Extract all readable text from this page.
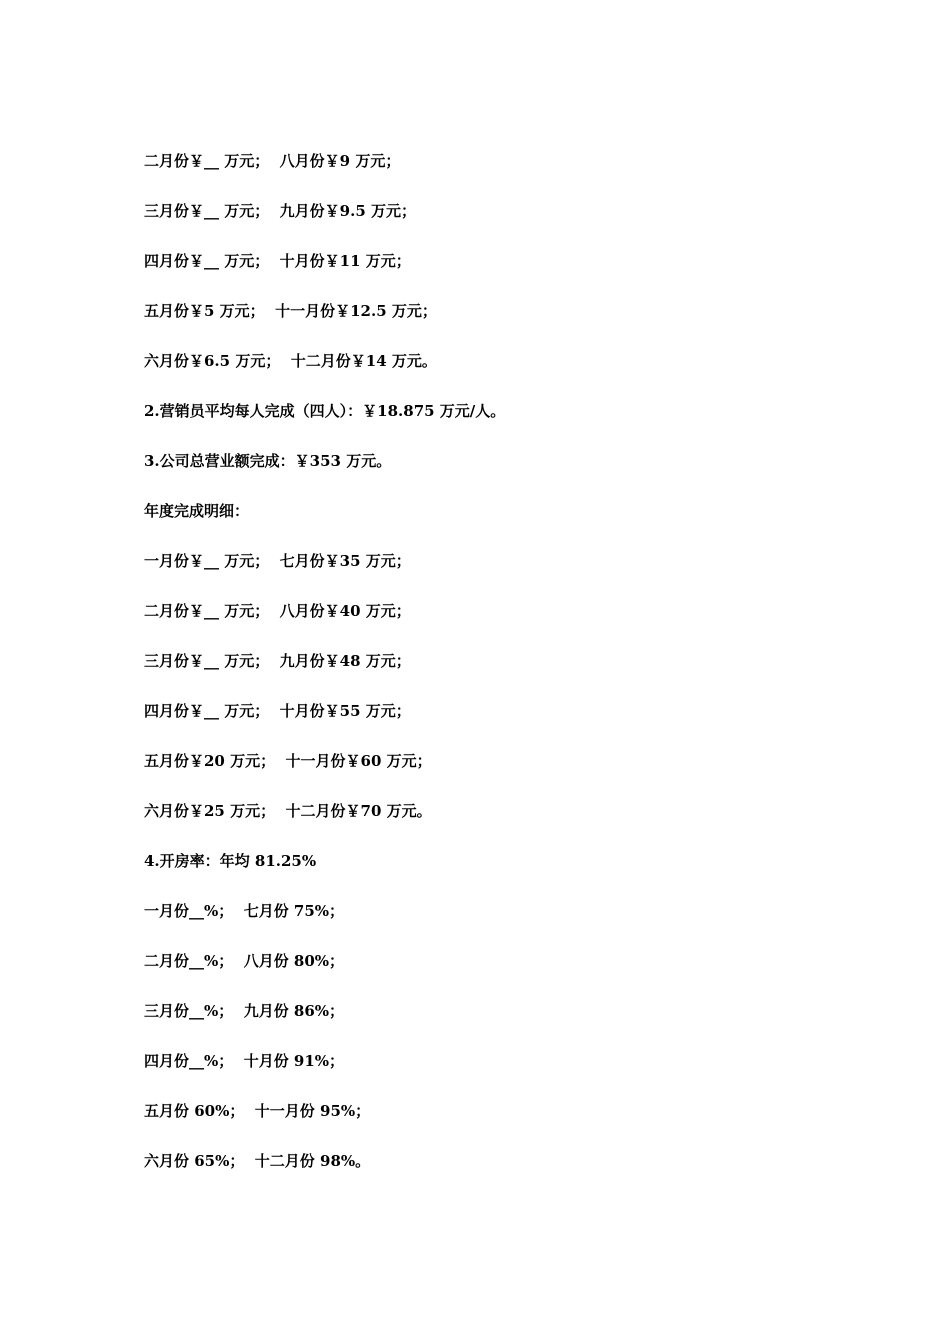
二月份￥__ 万元；  八月份￥9 万元；
三月份￥__ 万元；  九月份￥9.5 万元；
四月份￥__ 万元；  十月份￥11 万元；
五月份￥5 万元；  十一月份￥12.5 万元；
六月份￥6.5 万元；  十二月份￥14 万元。
2.营销员平均每人完成（四人）：￥18.875 万元/人。
3.公司总营业额完成：￥353 万元。
年度完成明细：
一月份￥__ 万元；  七月份￥35 万元；
二月份￥__ 万元；  八月份￥40 万元；
三月份￥__ 万元；  九月份￥48 万元；
四月份￥__ 万元；  十月份￥55 万元；
五月份￥20 万元；  十一月份￥60 万元；
六月份￥25 万元；  十二月份￥70 万元。
4.开房率：年均 81.25%
一月份__%；  七月份 75%；
二月份__%；  八月份 80%；
三月份__%；  九月份 86%；
四月份__%；  十月份 91%；
五月份 60%；  十一月份 95%；
六月份 65%；  十二月份 98%。
